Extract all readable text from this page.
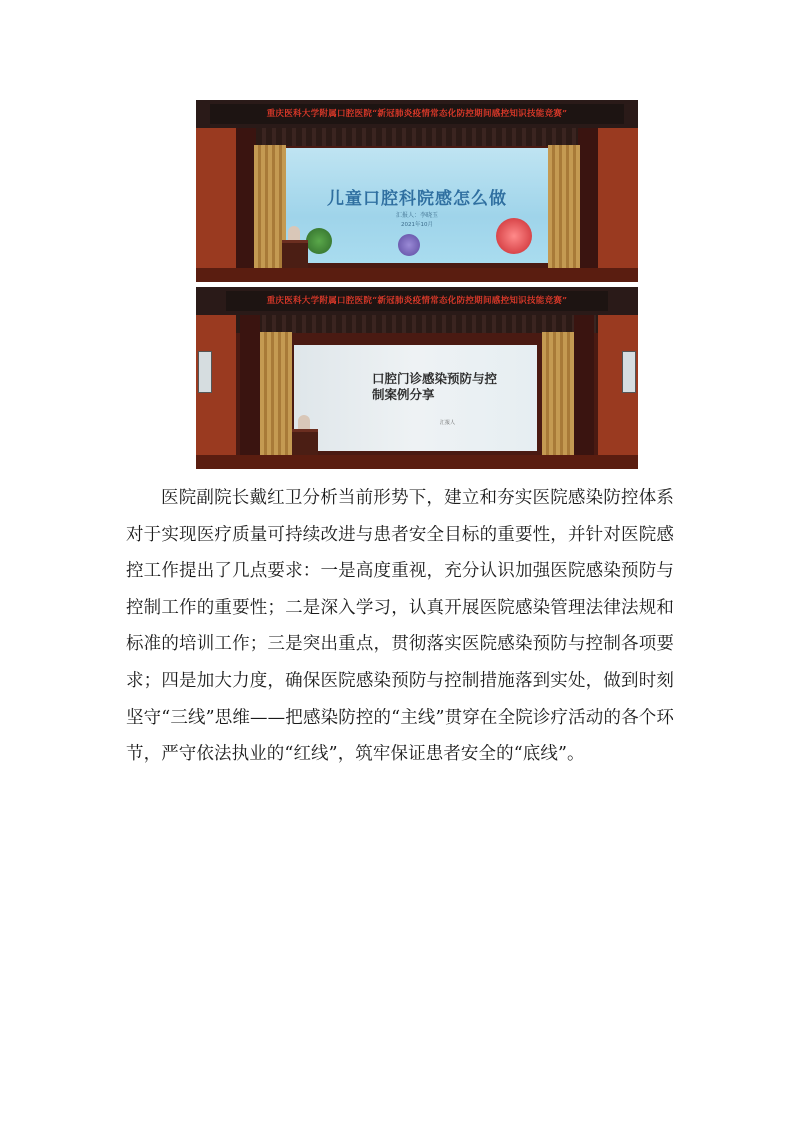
重庆医科大学附属口腔医院“新冠肺炎疫情常态化防控期间感控知识技能竞赛”
儿童口腔科院感怎么做
汇报人：李晓玉
2021年10月
重庆医科大学附属口腔医院“新冠肺炎疫情常态化防控期间感控知识技能竞赛”
口腔门诊感染预防与控制案例分享
汇报人

医院副院长戴红卫分析当前形势下，建立和夯实医院感染防控体系对于实现医疗质量可持续改进与患者安全目标的重要性，并针对医院感控工作提出了几点要求：一是高度重视，充分认识加强医院感染预防与控制工作的重要性；二是深入学习，认真开展医院感染管理法律法规和标准的培训工作；三是突出重点，贯彻落实医院感染预防与控制各项要求；四是加大力度，确保医院感染预防与控制措施落到实处，做到时刻坚守“三线”思维——把感染防控的“主线”贯穿在全院诊疗活动的各个环节，严守依法执业的“红线”，筑牢保证患者安全的“底线”。
